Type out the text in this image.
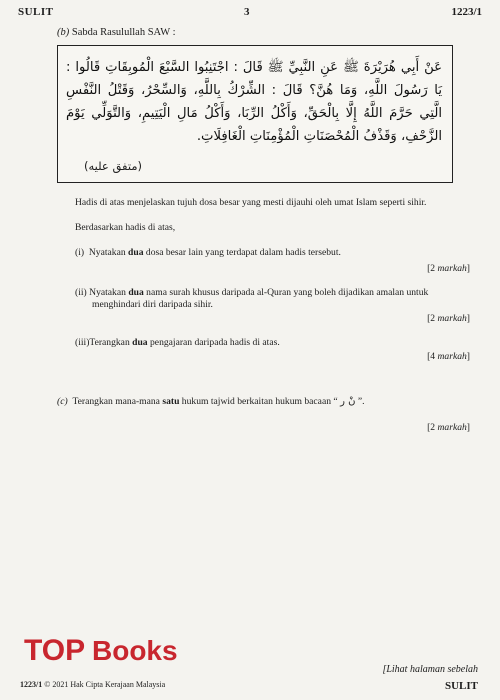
SULIT	3	1223/1
(b) Sabda Rasulullah SAW :
عَنْ أَبِي هُرَيْرَةَ ﷺ عَنِ النَّبِيِّ ﷺ قَالَ : اجْتَنِبُوا السَّبْعَ الْمُوبِقَاتِ قَالُوا : يَا رَسُولَ اللَّهِ، وَمَا هُنَّ؟ قَالَ : الشِّرْكُ بِاللَّهِ، وَالسِّحْرُ، وَقَتْلُ النَّفْسِ الَّتِي حَرَّمَ اللَّهُ إِلَّا بِالْحَقِّ، وَأَكْلُ الرِّبَا، وَأَكْلُ مَالِ الْيَتِيمِ، وَالتَّوَلِّي يَوْمَ الزَّحْفِ، وَقَذْفُ الْمُحْصَنَاتِ الْمُؤْمِنَاتِ الْغَافِلَاتِ.
(متفق عليه)
Hadis di atas menjelaskan tujuh dosa besar yang mesti dijauhi oleh umat Islam seperti sihir.
Berdasarkan hadis di atas,
(i) Nyatakan dua dosa besar lain yang terdapat dalam hadis tersebut.
[2 markah]
(ii) Nyatakan dua nama surah khusus daripada al-Quran yang boleh dijadikan amalan untuk
menghindari diri daripada sihir.
[2 markah]
(iii)Terangkan dua pengajaran daripada hadis di atas.
[4 markah]
(c) Terangkan mana-mana satu hukum tajwid berkaitan hukum bacaan “ نْ ر ”.
[2 markah]
TOP Books
1223/1 © 2021 Hak Cipta Kerajaan Malaysia
[Lihat halaman sebelah
SULIT
